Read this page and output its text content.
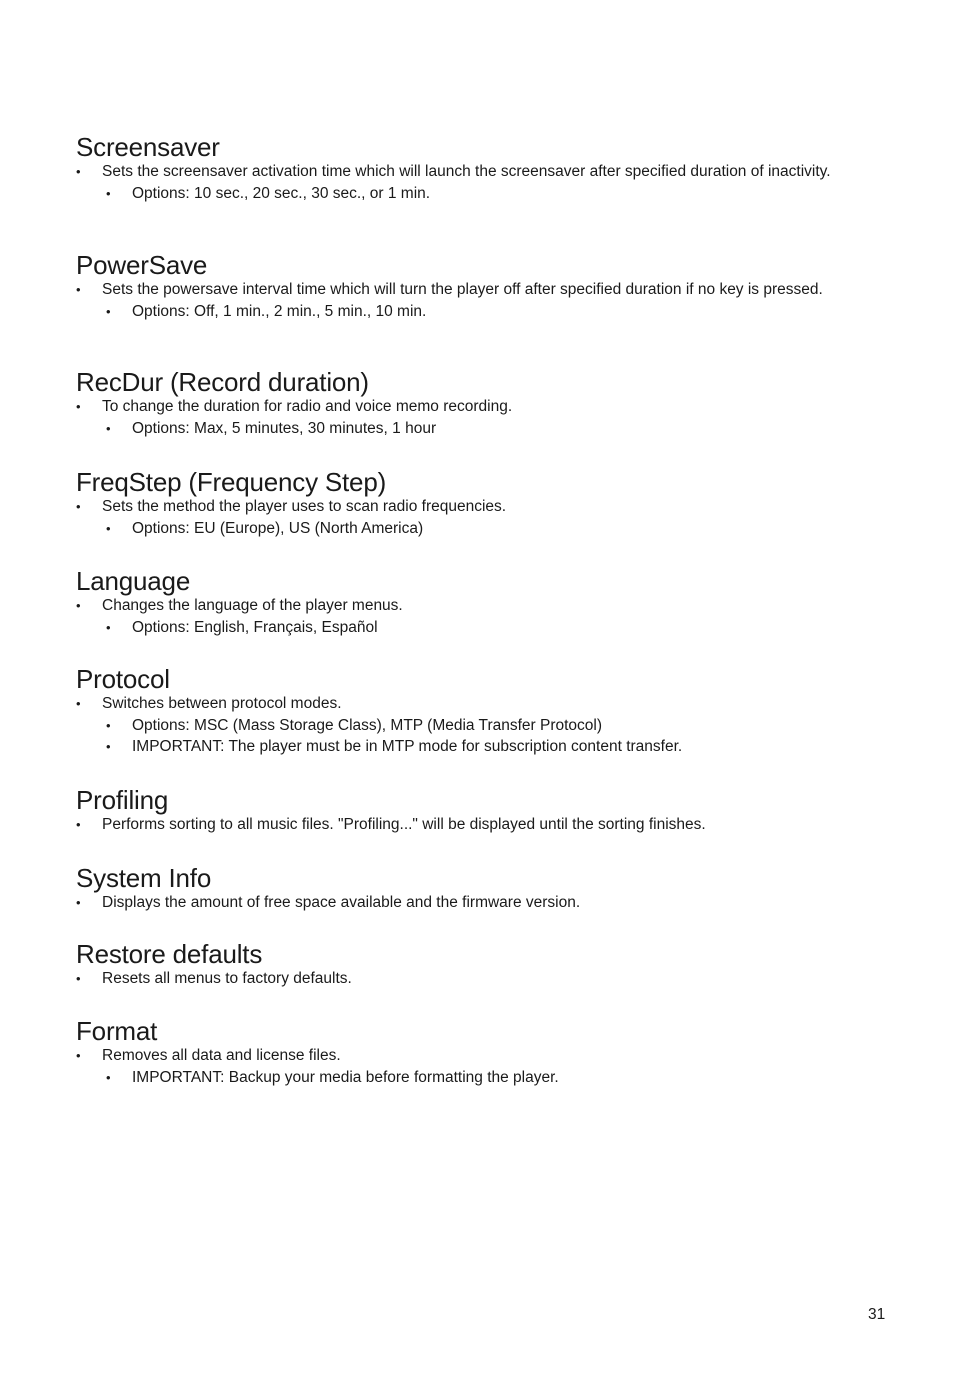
Screensaver
• Sets the screensaver activation time which will launch the screensaver after specified duration of inactivity.
• Options: 10 sec., 20 sec., 30 sec., or 1 min.
PowerSave
• Sets the powersave interval time which will turn the player off after specified duration if no key is pressed.
• Options: Off, 1 min., 2 min., 5 min., 10 min.
RecDur (Record duration)
• To change the duration for radio and voice memo recording.
• Options: Max, 5 minutes, 30 minutes, 1 hour
FreqStep (Frequency Step)
• Sets the method the player uses to scan radio frequencies.
• Options: EU (Europe), US (North America)
Language
• Changes the language of the player menus.
• Options: English, Français, Español
Protocol
• Switches between protocol modes.
• Options: MSC (Mass Storage Class), MTP (Media Transfer Protocol)
• IMPORTANT: The player must be in MTP mode for subscription content transfer.
Profiling
• Performs sorting to all music files. "Profiling..." will be displayed until the sorting finishes.
System Info
• Displays the amount of free space available and the firmware version.
Restore defaults
• Resets all menus to factory defaults.
Format
• Removes all data and license files.
• IMPORTANT: Backup your media before formatting the player.
31
